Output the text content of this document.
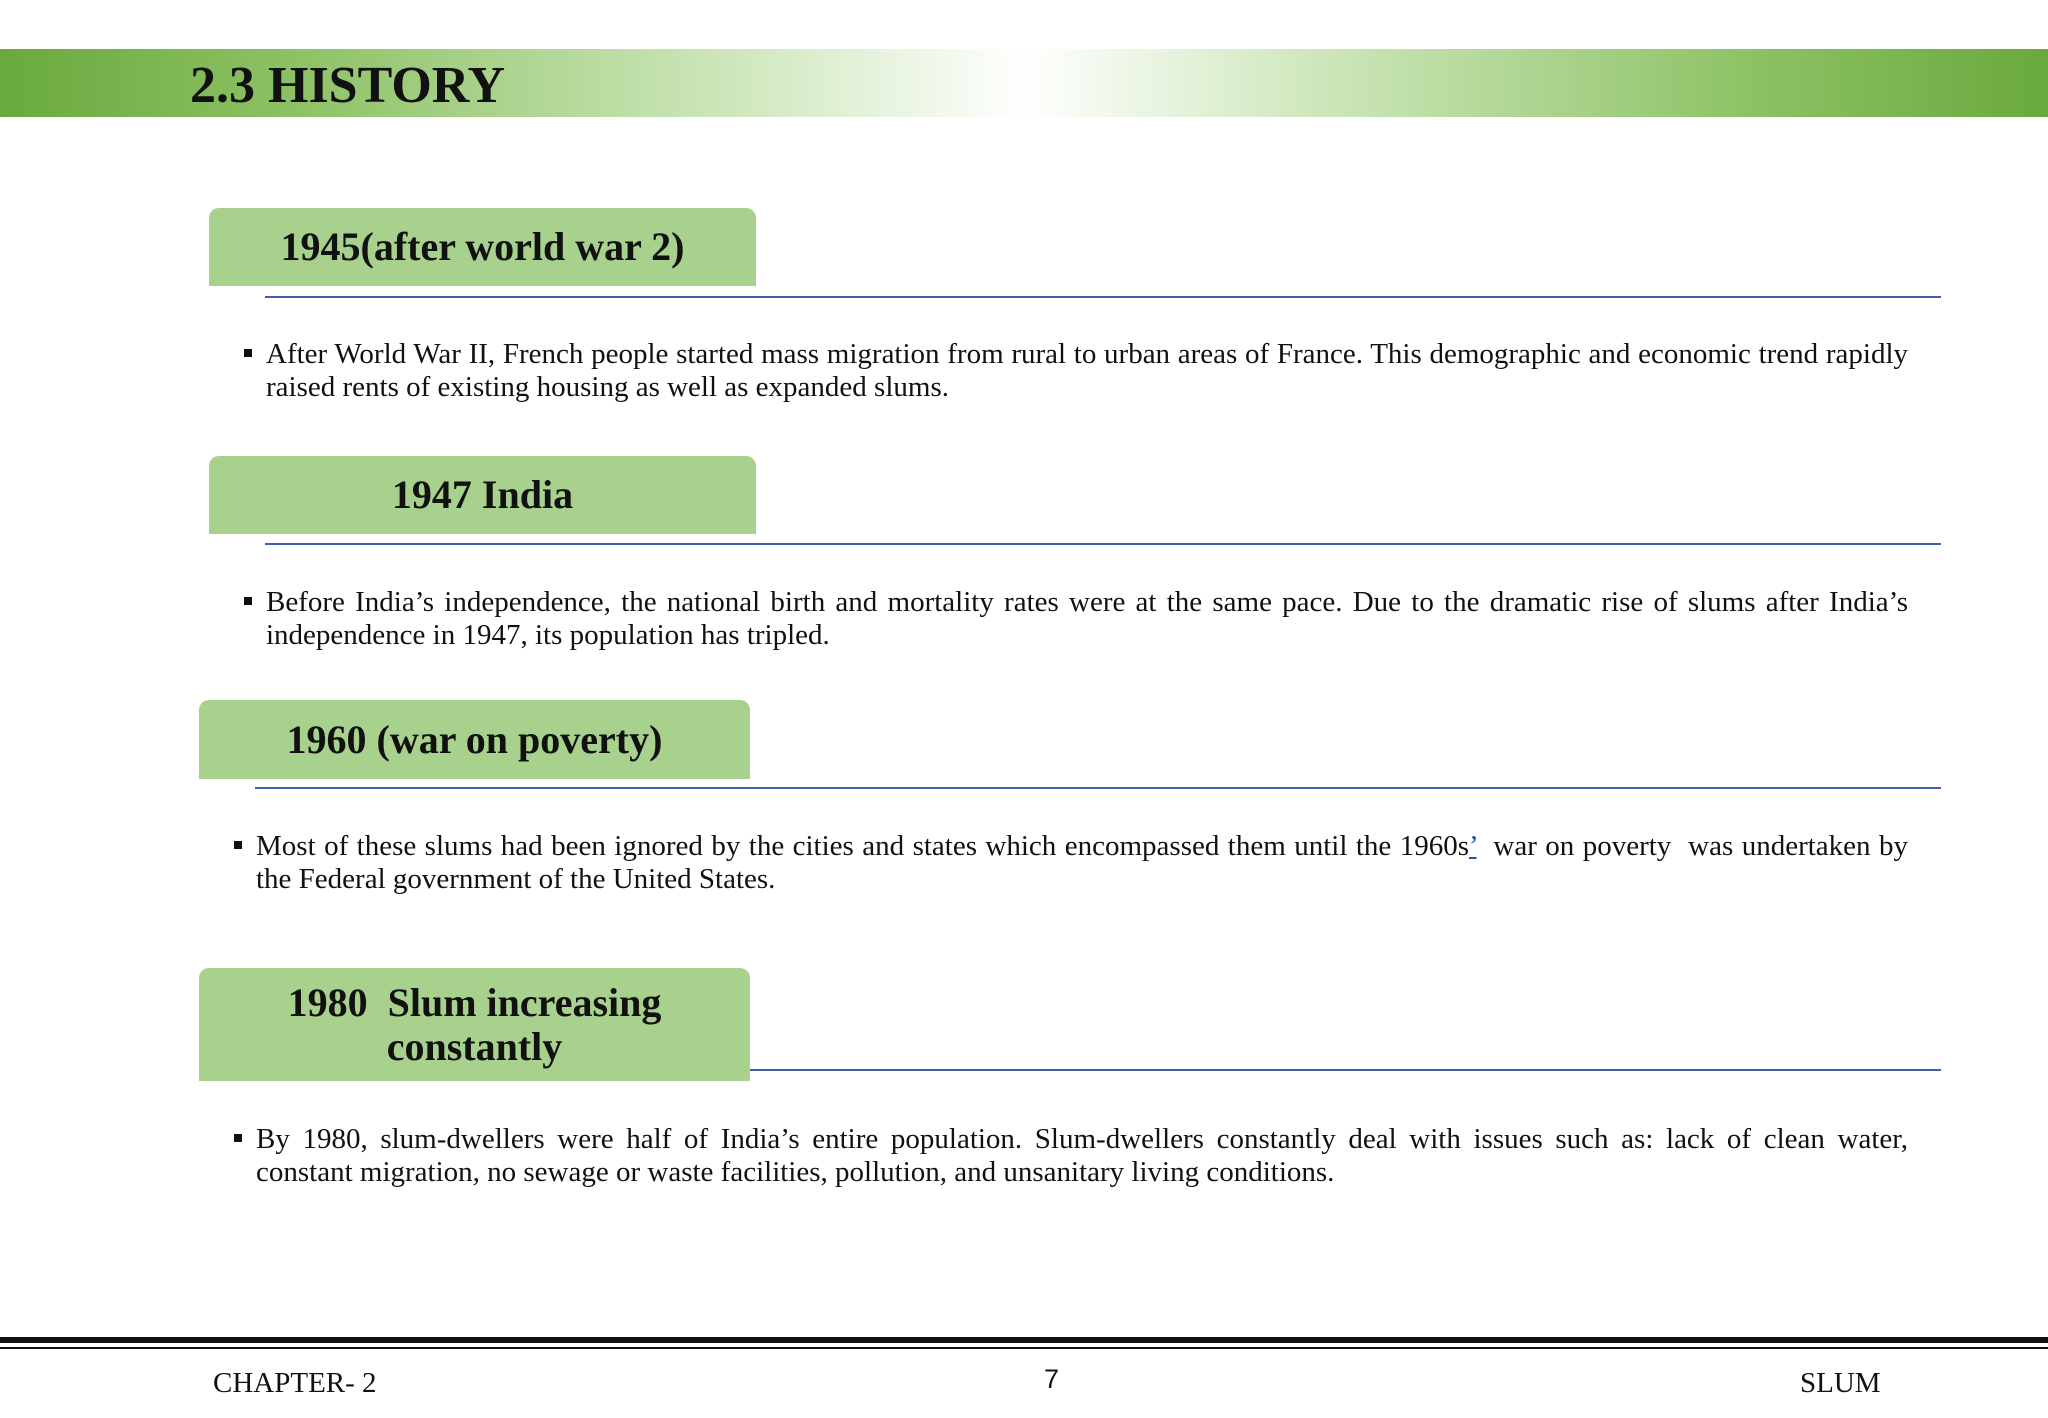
2.3 HISTORY
1945(after world war 2)
After World War II, French people started mass migration from rural to urban areas of France. This demographic and economic trend rapidly raised rents of existing housing as well as expanded slums.
1947 India
Before India’s independence, the national birth and mortality rates were at the same pace. Due to the dramatic rise of slums after India’s independence in 1947, its population has tripled.
1960 (war on poverty)
Most of these slums had been ignored by the cities and states which encompassed them until the 1960s’  war on poverty  was undertaken by the Federal government of the United States.
1980  Slum increasing
constantly
By 1980, slum-dwellers were half of India’s entire population. Slum-dwellers constantly deal with issues such as: lack of clean water, constant migration, no sewage or waste facilities, pollution, and unsanitary living conditions.
CHAPTER- 2	7	SLUM
